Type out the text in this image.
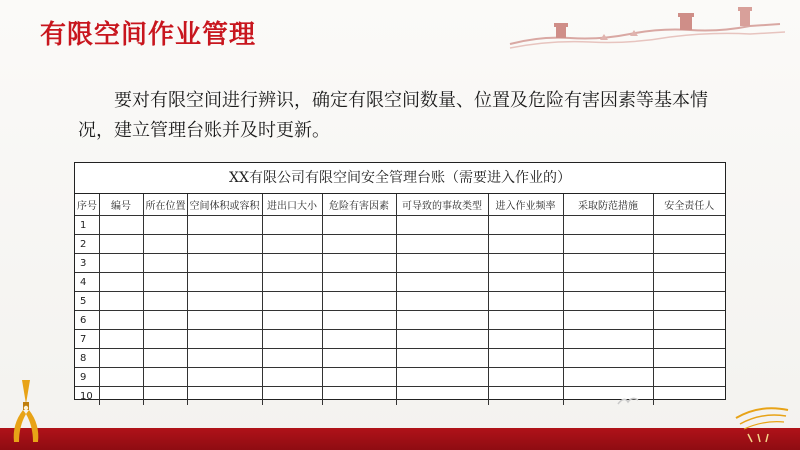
有限空间作业管理
要对有限空间进行辨识，确定有限空间数量、位置及危险有害因素等基本情况，建立管理台账并及时更新。
XX有限公司有限空间安全管理台账（需要进入作业的）
序号	编号	所在位置	空间体积或容积	进出口大小	危险有害因素	可导致的事故类型	进入作业频率	采取防范措施	安全责任人
1									
2									
3									
4									
5									
6									
7									
8									
9									
10									
